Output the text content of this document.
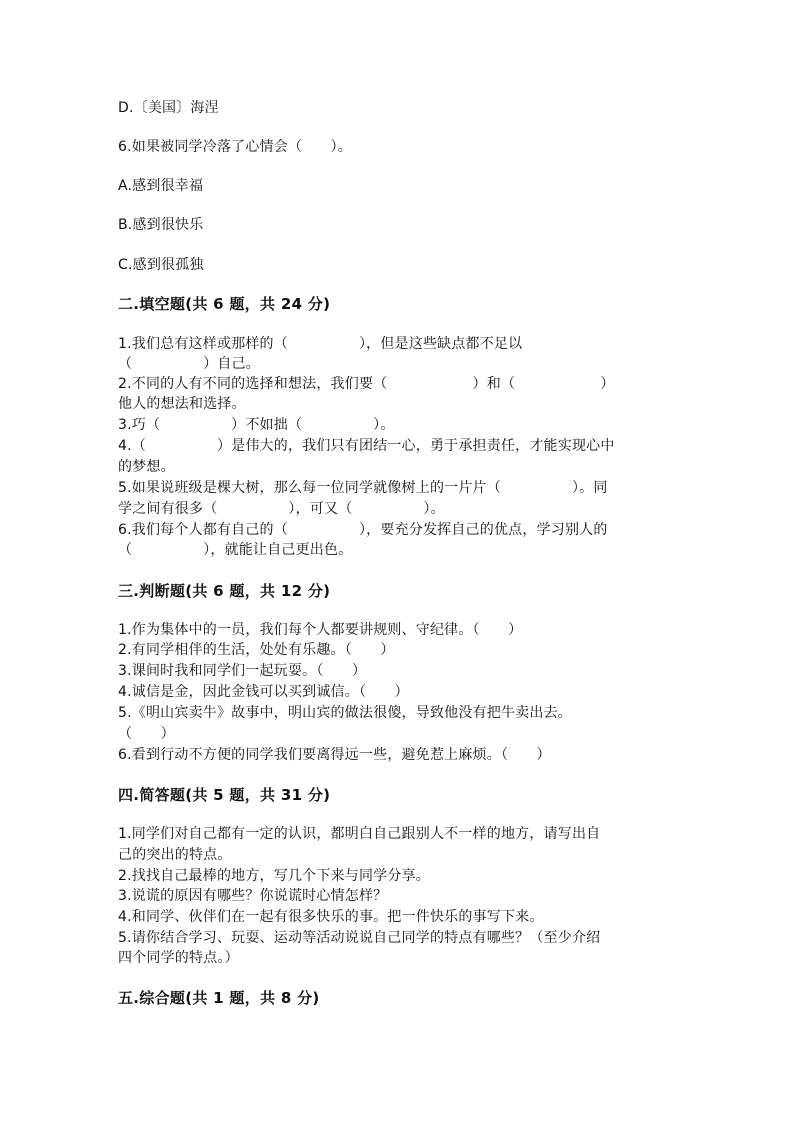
D.〔美国〕海涅
6.如果被同学冷落了心情会（　　）。
A.感到很幸福
B.感到很快乐
C.感到很孤独
二.填空题(共 6 题，共 24 分)
1.我们总有这样或那样的（　　　　　），但是这些缺点都不足以
（　　　　　）自己。
2.不同的人有不同的选择和想法，我们要（　　　　　　）和（　　　　　　）
他人的想法和选择。
3.巧（　　　　　）不如拙（　　　　　）。
4.（　　　　　）是伟大的，我们只有团结一心，勇于承担责任，才能实现心中
的梦想。
5.如果说班级是棵大树，那么每一位同学就像树上的一片片（　　　　　）。同
学之间有很多（　　　　　），可又（　　　　　）。
6.我们每个人都有自己的（　　　　　），要充分发挥自己的优点，学习别人的
（　　　　　），就能让自己更出色。
三.判断题(共 6 题，共 12 分)
1.作为集体中的一员，我们每个人都要讲规则、守纪律。（　　）
2.有同学相伴的生活，处处有乐趣。（　　）
3.课间时我和同学们一起玩耍。（　　）
4.诚信是金，因此金钱可以买到诚信。（　　）
5.《明山宾卖牛》故事中，明山宾的做法很傻，导致他没有把牛卖出去。
（　　）
6.看到行动不方便的同学我们要离得远一些，避免惹上麻烦。（　　）
四.简答题(共 5 题，共 31 分)
1.同学们对自己都有一定的认识，都明白自己跟别人不一样的地方，请写出自
己的突出的特点。
2.找找自己最棒的地方，写几个下来与同学分享。
3.说谎的原因有哪些？你说谎时心情怎样？
4.和同学、伙伴们在一起有很多快乐的事。把一件快乐的事写下来。
5.请你结合学习、玩耍、运动等活动说说自己同学的特点有哪些？（至少介绍
四个同学的特点。）
五.综合题(共 1 题，共 8 分)
